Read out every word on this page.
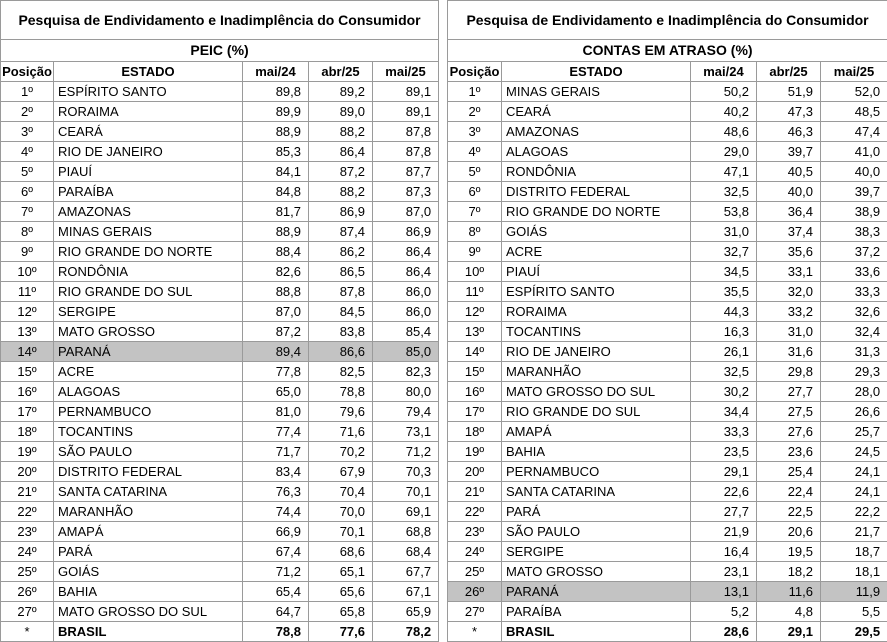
Pesquisa de Endividamento e Inadimplência do Consumidor				
PEIC (%)				
Posição	ESTADO	mai/24	abr/25	mai/25
1º	ESPÍRITO SANTO	89,8	89,2	89,1
2º	RORAIMA	89,9	89,0	89,1
3º	CEARÁ	88,9	88,2	87,8
4º	RIO DE JANEIRO	85,3	86,4	87,8
5º	PIAUÍ	84,1	87,2	87,7
6º	PARAÍBA	84,8	88,2	87,3
7º	AMAZONAS	81,7	86,9	87,0
8º	MINAS GERAIS	88,9	87,4	86,9
9º	RIO GRANDE DO NORTE	88,4	86,2	86,4
10º	RONDÔNIA	82,6	86,5	86,4
11º	RIO GRANDE DO SUL	88,8	87,8	86,0
12º	SERGIPE	87,0	84,5	86,0
13º	MATO GROSSO	87,2	83,8	85,4
14º	PARANÁ	89,4	86,6	85,0
15º	ACRE	77,8	82,5	82,3
16º	ALAGOAS	65,0	78,8	80,0
17º	PERNAMBUCO	81,0	79,6	79,4
18º	TOCANTINS	77,4	71,6	73,1
19º	SÃO PAULO	71,7	70,2	71,2
20º	DISTRITO FEDERAL	83,4	67,9	70,3
21º	SANTA CATARINA	76,3	70,4	70,1
22º	MARANHÃO	74,4	70,0	69,1
23º	AMAPÁ	66,9	70,1	68,8
24º	PARÁ	67,4	68,6	68,4
25º	GOIÁS	71,2	65,1	67,7
26º	BAHIA	65,4	65,6	67,1
27º	MATO GROSSO DO SUL	64,7	65,8	65,9
*	BRASIL	78,8	77,6	78,2
Pesquisa de Endividamento e Inadimplência do Consumidor				
CONTAS EM ATRASO (%)				
Posição	ESTADO	mai/24	abr/25	mai/25
1º	MINAS GERAIS	50,2	51,9	52,0
2º	CEARÁ	40,2	47,3	48,5
3º	AMAZONAS	48,6	46,3	47,4
4º	ALAGOAS	29,0	39,7	41,0
5º	RONDÔNIA	47,1	40,5	40,0
6º	DISTRITO FEDERAL	32,5	40,0	39,7
7º	RIO GRANDE DO NORTE	53,8	36,4	38,9
8º	GOIÁS	31,0	37,4	38,3
9º	ACRE	32,7	35,6	37,2
10º	PIAUÍ	34,5	33,1	33,6
11º	ESPÍRITO SANTO	35,5	32,0	33,3
12º	RORAIMA	44,3	33,2	32,6
13º	TOCANTINS	16,3	31,0	32,4
14º	RIO DE JANEIRO	26,1	31,6	31,3
15º	MARANHÃO	32,5	29,8	29,3
16º	MATO GROSSO DO SUL	30,2	27,7	28,0
17º	RIO GRANDE DO SUL	34,4	27,5	26,6
18º	AMAPÁ	33,3	27,6	25,7
19º	BAHIA	23,5	23,6	24,5
20º	PERNAMBUCO	29,1	25,4	24,1
21º	SANTA CATARINA	22,6	22,4	24,1
22º	PARÁ	27,7	22,5	22,2
23º	SÃO PAULO	21,9	20,6	21,7
24º	SERGIPE	16,4	19,5	18,7
25º	MATO GROSSO	23,1	18,2	18,1
26º	PARANÁ	13,1	11,6	11,9
27º	PARAÍBA	5,2	4,8	5,5
*	BRASIL	28,6	29,1	29,5
